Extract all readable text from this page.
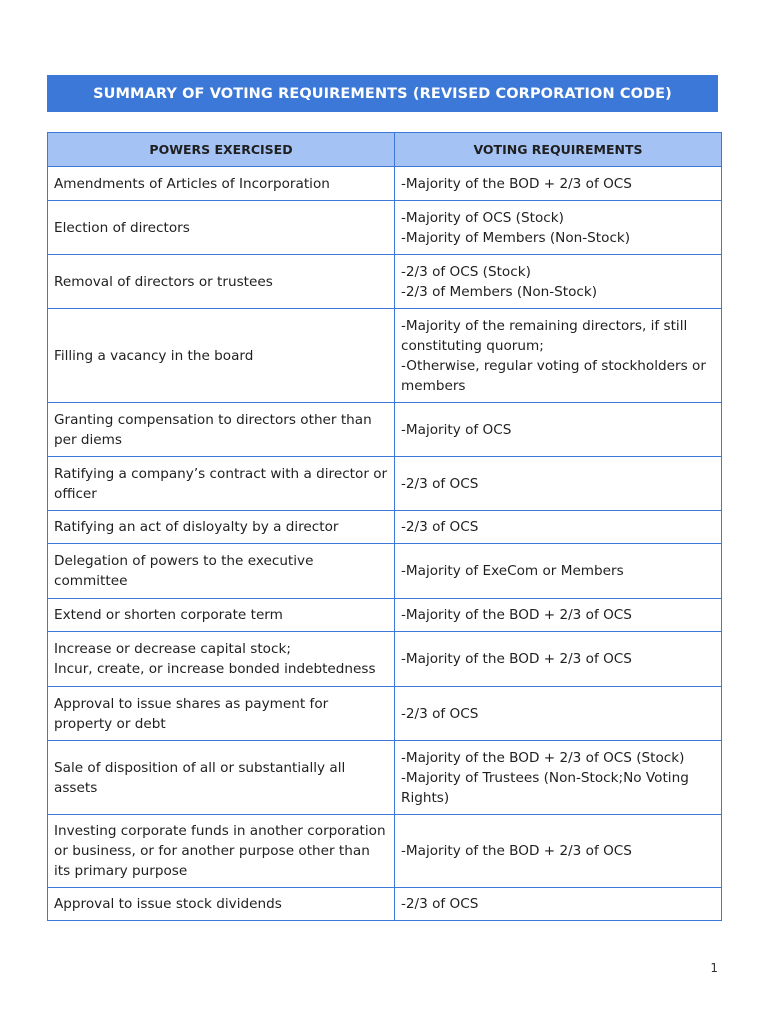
SUMMARY OF VOTING REQUIREMENTS (REVISED CORPORATION CODE)
POWERS EXERCISED	VOTING REQUIREMENTS
Amendments of Articles of Incorporation	-Majority of the BOD + 2/3 of OCS
Election of directors	-Majority of OCS (Stock)
-Majority of Members (Non-Stock)
Removal of directors or trustees	-2/3 of OCS (Stock)
-2/3 of Members (Non-Stock)
Filling a vacancy in the board	-Majority of the remaining directors, if still constituting quorum;
-Otherwise, regular voting of stockholders or members
Granting compensation to directors other than per diems	-Majority of OCS
Ratifying a company’s contract with a director or officer	-2/3 of OCS
Ratifying an act of disloyalty by a director	-2/3 of OCS
Delegation of powers to the executive committee	-Majority of ExeCom or Members
Extend or shorten corporate term	-Majority of the BOD + 2/3 of OCS
Increase or decrease capital stock;
Incur, create, or increase bonded indebtedness	-Majority of the BOD + 2/3 of OCS
Approval to issue shares as payment for property or debt	-2/3 of OCS
Sale of disposition of all or substantially all assets	-Majority of the BOD + 2/3 of OCS (Stock)
-Majority of Trustees (Non-Stock;No Voting Rights)
Investing corporate funds in another corporation or business, or for another purpose other than its primary purpose	-Majority of the BOD + 2/3 of OCS
Approval to issue stock dividends	-2/3 of OCS
1
